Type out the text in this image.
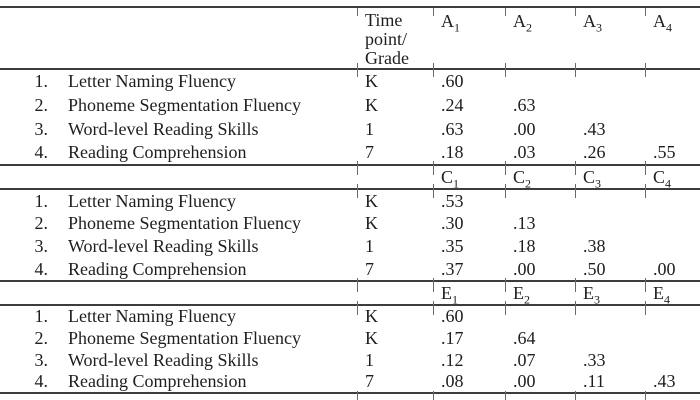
	Time
point/
Grade	$A_1$	$A_2$	$A_3$	$A_4$
1. Letter Naming Fluency	K	.60			
2. Phoneme Segmentation Fluency	K	.24	.63		
3. Word-level Reading Skills	1	.63	.00	.43	
4. Reading Comprehension	7	.18	.03	.26	.55
		$C_1$	$C_2$	$C_3$	$C_4$
1. Letter Naming Fluency	K	.53			
2. Phoneme Segmentation Fluency	K	.30	.13		
3. Word-level Reading Skills	1	.35	.18	.38	
4. Reading Comprehension	7	.37	.00	.50	.00
		$E_1$	$E_2$	$E_3$	$E_4$
1. Letter Naming Fluency	K	.60			
2. Phoneme Segmentation Fluency	K	.17	.64		
3. Word-level Reading Skills	1	.12	.07	.33	
4. Reading Comprehension	7	.08	.00	.11	.43
